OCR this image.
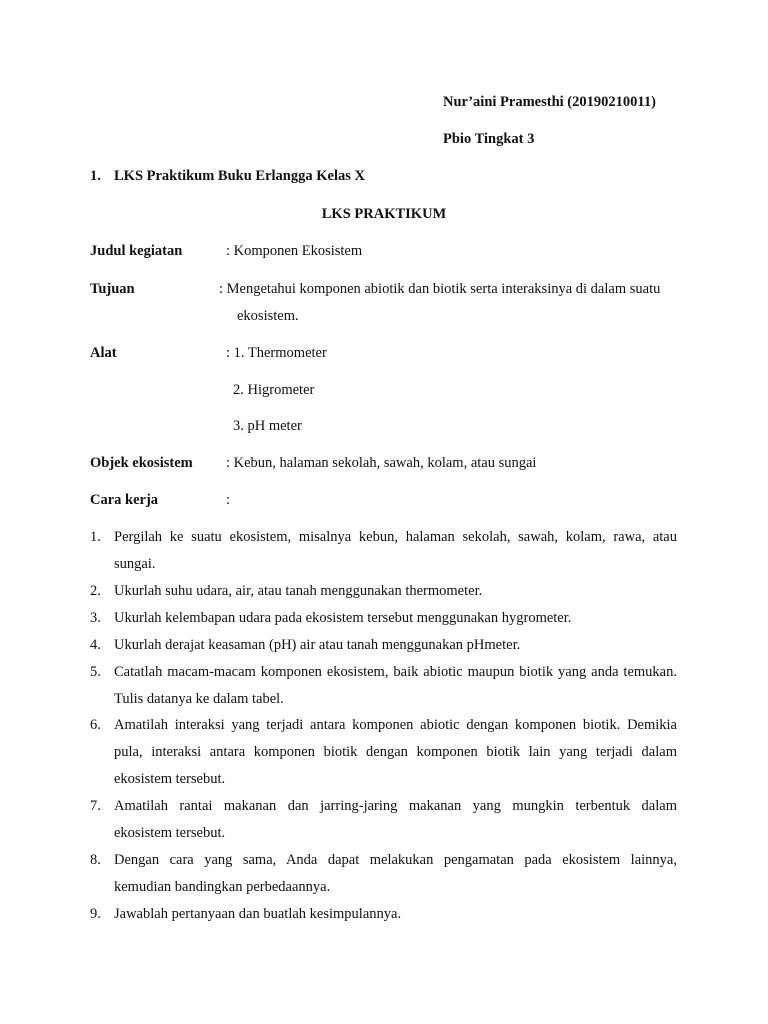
Nur’aini Pramesthi (20190210011)
Pbio Tingkat 3
1. LKS Praktikum Buku Erlangga Kelas X
LKS PRAKTIKUM
Judul kegiatan	: Komponen Ekosistem
Tujuan	: Mengetahui komponen abiotik dan biotik serta interaksinya di dalam suatu
ekosistem.
Alat	: 1. Thermometer
2. Higrometer
3. pH meter
Objek ekosistem : Kebun, halaman sekolah, sawah, kolam, atau sungai
Cara kerja	:
1. Pergilah ke suatu ekosistem, misalnya kebun, halaman sekolah, sawah, kolam, rawa, atau
sungai.
2. Ukurlah suhu udara, air, atau tanah menggunakan thermometer.
3. Ukurlah kelembapan udara pada ekosistem tersebut menggunakan hygrometer.
4. Ukurlah derajat keasaman (pH) air atau tanah menggunakan pHmeter.
5. Catatlah macam-macam komponen ekosistem, baik abiotic maupun biotik yang anda temukan.
Tulis datanya ke dalam tabel.
6. Amatilah interaksi yang terjadi antara komponen abiotic dengan komponen biotik. Demikia
pula, interaksi antara komponen biotik dengan komponen biotik lain yang terjadi dalam
ekosistem tersebut.
7. Amatilah rantai makanan dan jarring-jaring makanan yang mungkin terbentuk dalam
ekosistem tersebut.
8. Dengan cara yang sama, Anda dapat melakukan pengamatan pada ekosistem lainnya,
kemudian bandingkan perbedaannya.
9. Jawablah pertanyaan dan buatlah kesimpulannya.
